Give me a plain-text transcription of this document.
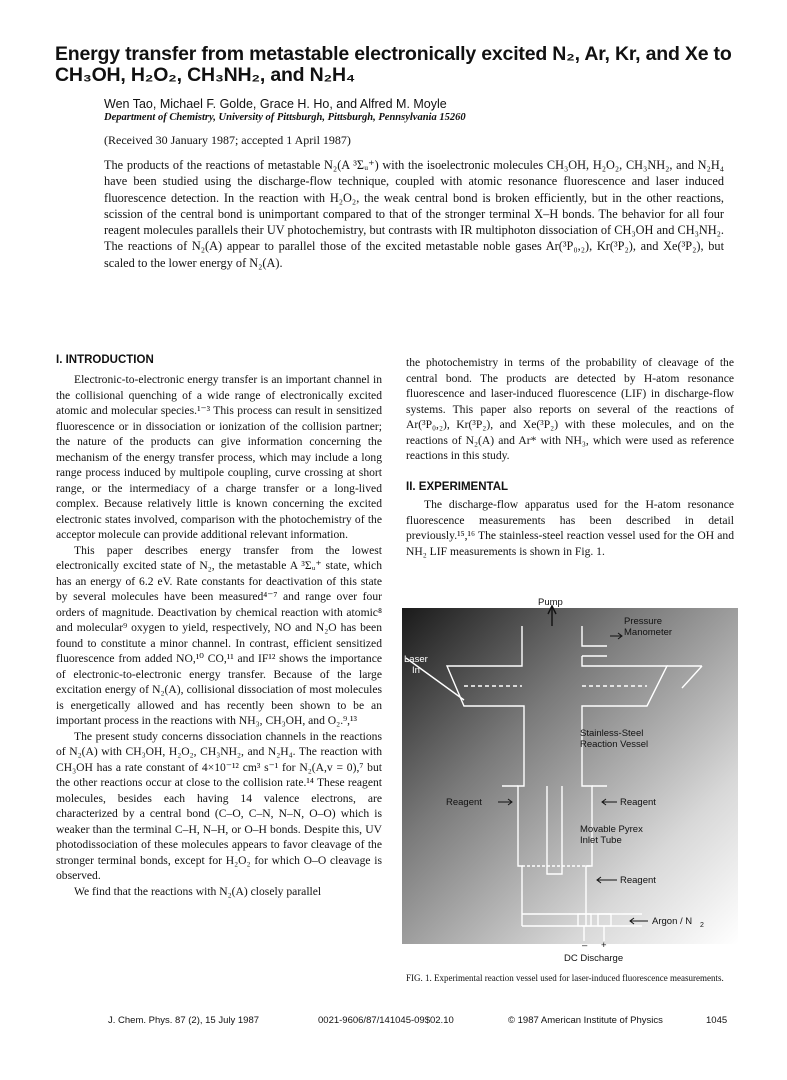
Energy transfer from metastable electronically excited N₂, Ar, Kr, and Xe to CH₃OH, H₂O₂, CH₃NH₂, and N₂H₄
Wen Tao, Michael F. Golde, Grace H. Ho, and Alfred M. Moyle
Department of Chemistry, University of Pittsburgh, Pittsburgh, Pennsylvania 15260
(Received 30 January 1987; accepted 1 April 1987)
The products of the reactions of metastable N₂(A ³Σᵤ⁺) with the isoelectronic molecules CH₃OH, H₂O₂, CH₃NH₂, and N₂H₄ have been studied using the discharge-flow technique, coupled with atomic resonance fluorescence and laser induced fluorescence detection. In the reaction with H₂O₂, the weak central bond is broken efficiently, but in the other reactions, scission of the central bond is unimportant compared to that of the stronger terminal X–H bonds. The behavior for all four reagent molecules parallels their UV photochemistry, but contrasts with IR multiphoton dissociation of CH₃OH and CH₃NH₂. The reactions of N₂(A) appear to parallel those of the excited metastable noble gases Ar(³P₀,₂), Kr(³P₂), and Xe(³P₂), but scaled to the lower energy of N₂(A).
I. INTRODUCTION

Electronic-to-electronic energy transfer is an important channel in the collisional quenching of a wide range of electronically excited atomic and molecular species.¹⁻³ This process can result in sensitized fluorescence or in dissociation or ionization of the collision partner; the nature of the products can give information concerning the mechanism of the energy transfer process, which may include a long range process induced by multipole coupling, curve crossing at short range, or the intermediacy of a charge transfer or a long-lived complex. Because relatively little is known concerning the excited electronic states involved, comparison with the photochemistry of the acceptor molecule can provide additional relevant information.

This paper describes energy transfer from the lowest electronically excited state of N₂, the metastable A ³Σᵤ⁺ state, which has an energy of 6.2 eV. Rate constants for deactivation of this state by several molecules have been measured⁴⁻⁷ and range over four orders of magnitude. Deactivation by chemical reaction with atomic⁸ and molecular⁹ oxygen to yield, respectively, NO and N₂O has been found to constitute a minor channel. In contrast, efficient sensitized fluorescence from added NO,¹⁰ CO,¹¹ and IF¹² shows the importance of electronic-to-electronic energy transfer. Because of the large excitation energy of N₂(A), collisional dissociation of most molecules is energetically allowed and has recently been shown to be an important process in the reactions with NH₃, CH₃OH, and O₂.⁹,¹³

The present study concerns dissociation channels in the reactions of N₂(A) with CH₃OH, H₂O₂, CH₃NH₂, and N₂H₄. The reaction with CH₃OH has a rate constant of 4×10⁻¹² cm³ s⁻¹ for N₂(A,v = 0),⁷ but the other reactions occur at close to the collision rate.¹⁴ These reagent molecules, besides each having 14 valence electrons, are characterized by a central bond (C–O, C–N, N–N, O–O) which is weaker than the terminal C–H, N–H, or O–H bonds. Despite this, UV photodissociation of these molecules appears to favor cleavage of the stronger terminal bonds, except for H₂O₂ for which O–O cleavage is observed.

We find that the reactions with N₂(A) closely parallel

the photochemistry in terms of the probability of cleavage of the central bond. The products are detected by H-atom resonance fluorescence and laser-induced fluorescence (LIF) in discharge-flow systems. This paper also reports on several of the reactions of Ar(³P₀,₂), Kr(³P₂), and Xe(³P₂) with these molecules, and on the reactions of N₂(A) and Ar* with NH₃, which were used as reference reactions in this study.

II. EXPERIMENTAL

The discharge-flow apparatus used for the H-atom resonance fluorescence measurements has been described in detail previously.¹⁵,¹⁶ The stainless-steel reaction vessel used for the OH and NH₂ LIF measurements is shown in Fig. 1.

Pump
Pressure
Manometer
Laser
In
Stainless-Steel
Reaction Vessel
Reagent	Reagent
Movable Pyrex
Inlet Tube
Reagent
Argon / N 2
– +
DC Discharge
FIG. 1. Experimental reaction vessel used for laser-induced fluorescence measurements.
J. Chem. Phys. 87 (2), 15 July 1987	0021-9606/87/141045-09$02.10	© 1987 American Institute of Physics	1045
